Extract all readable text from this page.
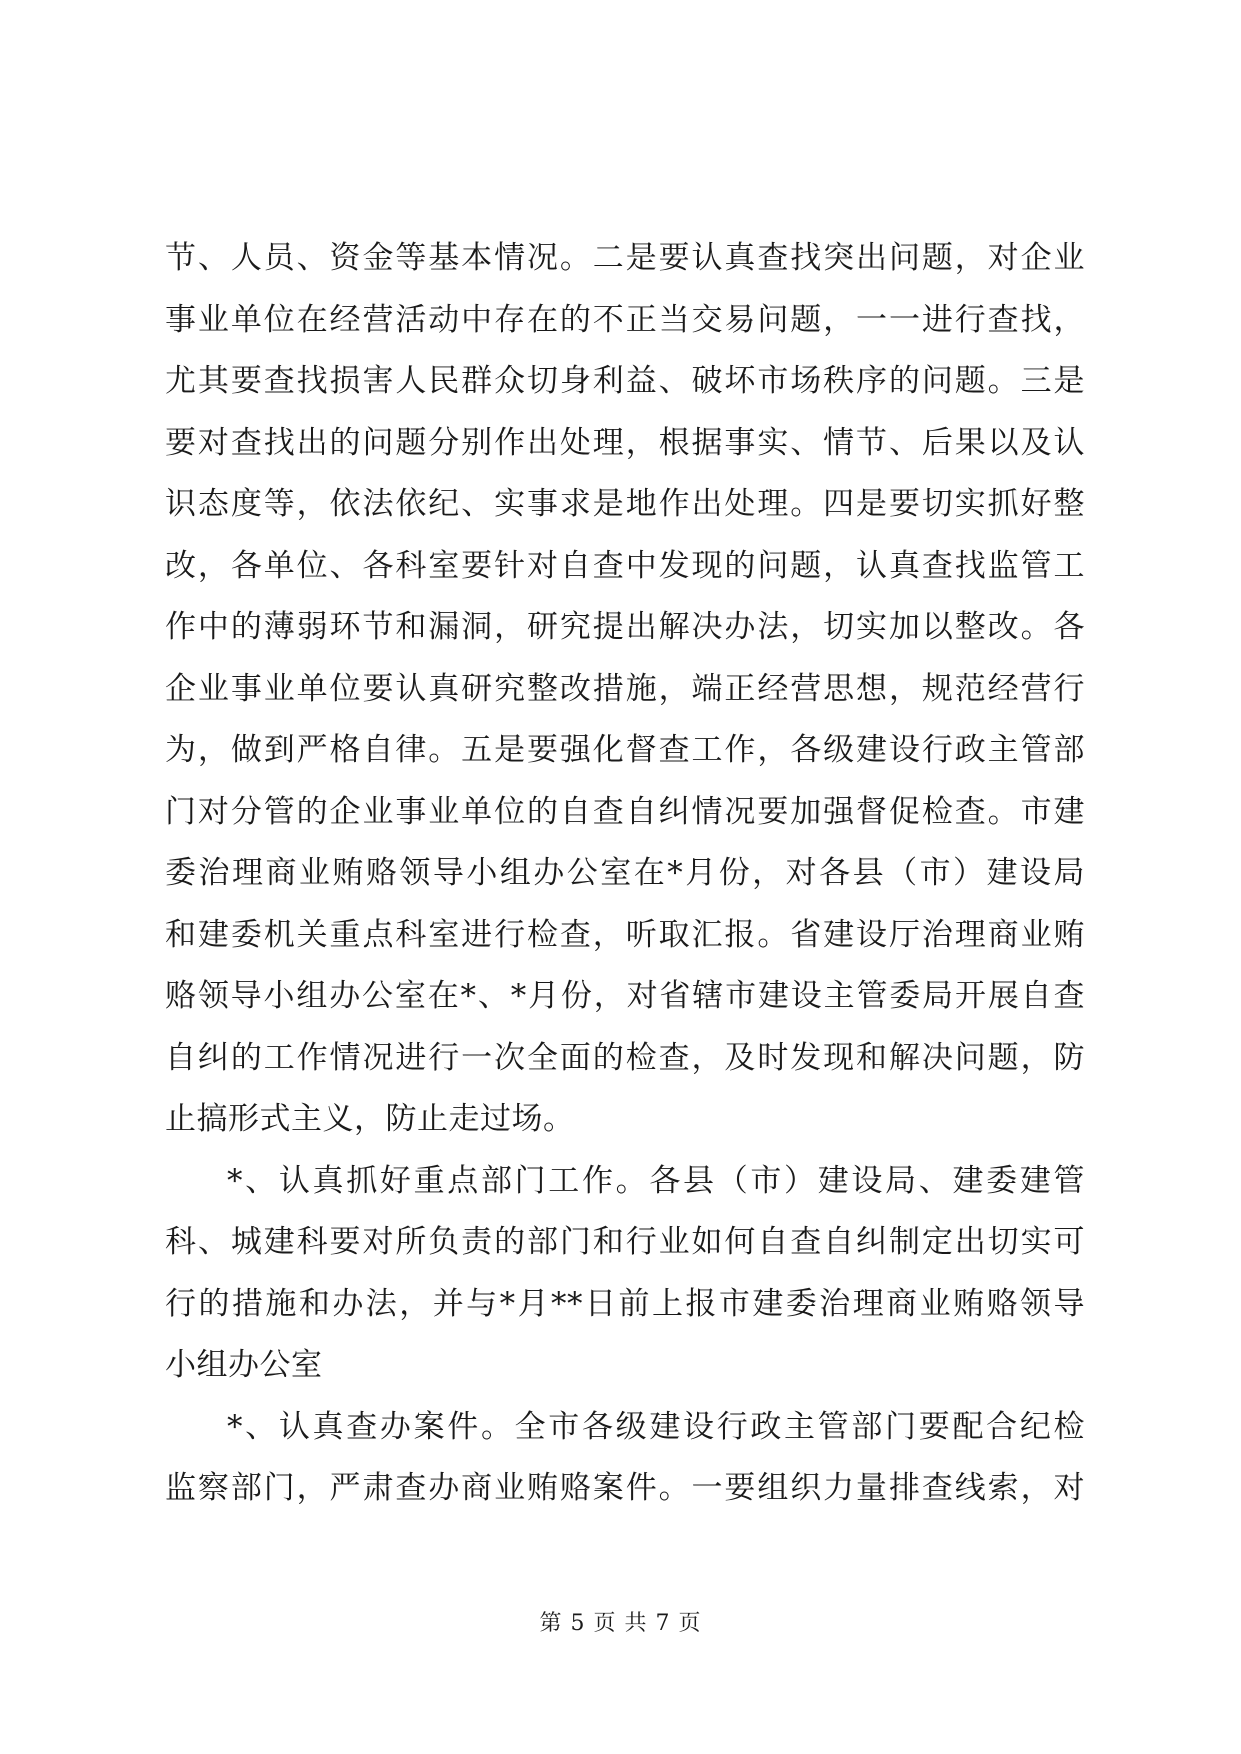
节、人员、资金等基本情况。二是要认真查找突出问题，对企业
事业单位在经营活动中存在的不正当交易问题，一一进行查找，
尤其要查找损害人民群众切身利益、破坏市场秩序的问题。三是
要对查找出的问题分别作出处理，根据事实、情节、后果以及认
识态度等，依法依纪、实事求是地作出处理。四是要切实抓好整
改，各单位、各科室要针对自查中发现的问题，认真查找监管工
作中的薄弱环节和漏洞，研究提出解决办法，切实加以整改。各
企业事业单位要认真研究整改措施，端正经营思想，规范经营行
为，做到严格自律。五是要强化督查工作，各级建设行政主管部
门对分管的企业事业单位的自查自纠情况要加强督促检查。市建
委治理商业贿赂领导小组办公室在*月份，对各县（市）建设局
和建委机关重点科室进行检查，听取汇报。省建设厅治理商业贿
赂领导小组办公室在*、*月份，对省辖市建设主管委局开展自查
自纠的工作情况进行一次全面的检查，及时发现和解决问题，防
止搞形式主义，防止走过场。
*、认真抓好重点部门工作。各县（市）建设局、建委建管
科、城建科要对所负责的部门和行业如何自查自纠制定出切实可
行的措施和办法，并与*月**日前上报市建委治理商业贿赂领导
小组办公室
*、认真查办案件。全市各级建设行政主管部门要配合纪检
监察部门，严肃查办商业贿赂案件。一要组织力量排查线索，对
第 5 页 共 7 页
